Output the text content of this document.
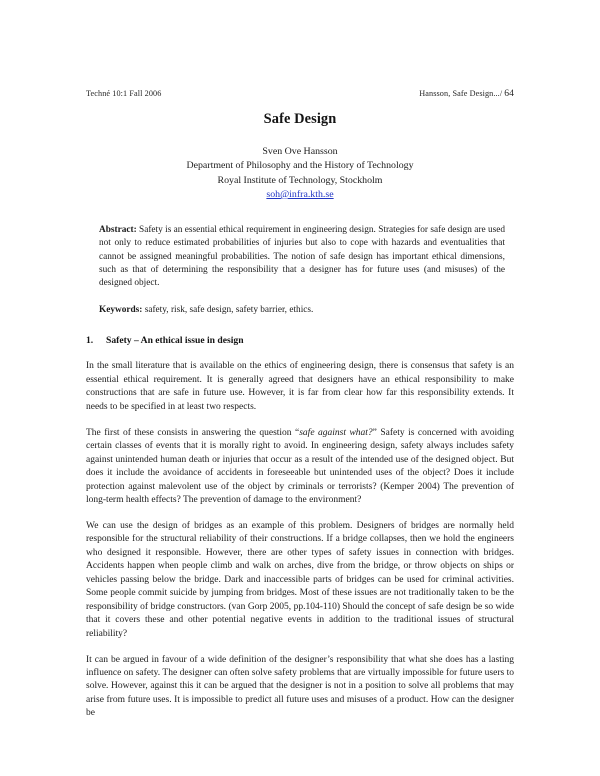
Techné 10:1 Fall 2006	Hansson, Safe Design.../ 64
Safe Design
Sven Ove Hansson
Department of Philosophy and the History of Technology
Royal Institute of Technology, Stockholm
soh@infra.kth.se

Abstract: Safety is an essential ethical requirement in engineering design. Strategies for safe design are used not only to reduce estimated probabilities of injuries but also to cope with hazards and eventualities that cannot be assigned meaningful probabilities. The notion of safe design has important ethical dimensions, such as that of determining the responsibility that a designer has for future uses (and misuses) of the designed object.

Keywords: safety, risk, safe design, safety barrier, ethics.

1.	Safety – An ethical issue in design

In the small literature that is available on the ethics of engineering design, there is consensus that safety is an essential ethical requirement. It is generally agreed that designers have an ethical responsibility to make constructions that are safe in future use. However, it is far from clear how far this responsibility extends. It needs to be specified in at least two respects.

The first of these consists in answering the question “safe against what?” Safety is concerned with avoiding certain classes of events that it is morally right to avoid. In engineering design, safety always includes safety against unintended human death or injuries that occur as a result of the intended use of the designed object. But does it include the avoidance of accidents in foreseeable but unintended uses of the object? Does it include protection against malevolent use of the object by criminals or terrorists? (Kemper 2004) The prevention of long-term health effects? The prevention of damage to the environment?

We can use the design of bridges as an example of this problem. Designers of bridges are normally held responsible for the structural reliability of their constructions. If a bridge collapses, then we hold the engineers who designed it responsible. However, there are other types of safety issues in connection with bridges. Accidents happen when people climb and walk on arches, dive from the bridge, or throw objects on ships or vehicles passing below the bridge. Dark and inaccessible parts of bridges can be used for criminal activities. Some people commit suicide by jumping from bridges. Most of these issues are not traditionally taken to be the responsibility of bridge constructors. (van Gorp 2005, pp.104-110) Should the concept of safe design be so wide that it covers these and other potential negative events in addition to the traditional issues of structural reliability?

It can be argued in favour of a wide definition of the designer’s responsibility that what she does has a lasting influence on safety. The designer can often solve safety problems that are virtually impossible for future users to solve. However, against this it can be argued that the designer is not in a position to solve all problems that may arise from future uses. It is impossible to predict all future uses and misuses of a product. How can the designer be
